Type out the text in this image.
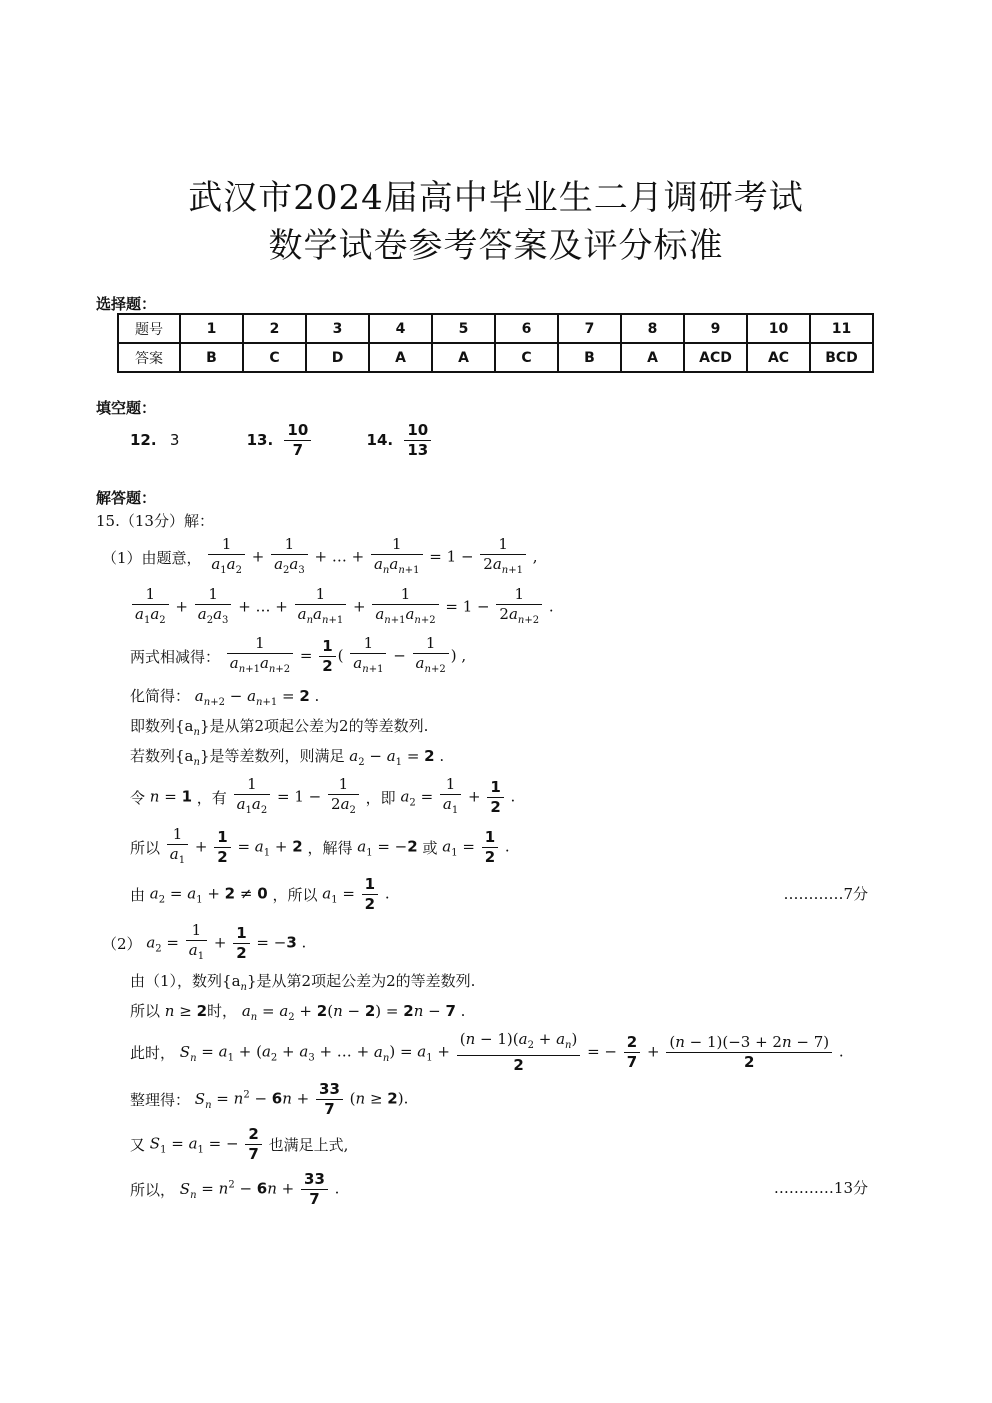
武汉市2024届高中毕业生二月调研考试
数学试卷参考答案及评分标准
选择题：
题号	1	2	3	4	5	6	7	8	9	10	11
答案	B	C	D	A	A	C	B	A	ACD	AC	BCD
填空题：
12. 3	13. $\frac{10}{7}$	14. $\frac{10}{13}$
解答题：
15.（13分）解：
（1）由题意， $\frac{1}{a_1a_2} + \frac{1}{a_2a_3}$ + … + $\frac{1}{a_na_{n+1}} = 1 - \frac{1}{2a_{n+1}}$ ,
$\frac{1}{a_1a_2} + \frac{1}{a_2a_3}$ + … + $\frac{1}{a_na_{n+1}} + \frac{1}{a_{n+1}a_{n+2}} = 1 - \frac{1}{2a_{n+2}}$ .
两式相减得： $\frac{1}{a_{n+1}a_{n+2}} = \frac{1}{2}$ ( $\frac{1}{a_{n+1}} - \frac{1}{a_{n+2}}$ ) ,
化简得： $a_{n+2} - a_{n+1} = 2$ .
即数列$\{a_n\}$是从第2项起公差为2的等差数列.
若数列$\{a_n\}$是等差数列，则满足 $a_2 - a_1 = 2$ .
令 n = 1 ，有 $\frac{1}{a_1a_2} = 1 - \frac{1}{2a_2}$ ，即 $a_2 = \frac{1}{a_1} + \frac{1}{2}$ .
所以 $\frac{1}{a_1} + \frac{1}{2} = a_1 + 2$ ，解得 $a_1 = -2$ 或 $a_1 = \frac{1}{2}$ .
由 $a_2 = a_1 + 2 \ne 0$ ，所以 $a_1 = \frac{1}{2}$ .	…………7分
（2） $a_2 = \frac{1}{a_1} + \frac{1}{2} = -3$ .
由（1），数列$\{a_n\}$是从第2项起公差为2的等差数列.
所以 n ≥ 2时， $a_n = a_2 + 2(n - 2) = 2n - 7$ .
此时， $S_n = a_1 + (a_2 + a_3$ + … + $a_n) = a_1 + \frac{(n - 1)(a_2 + a_n)}{2}$ = − $\frac{2}{7} + \frac{(n - 1)(-3 + 2n - 7)}{2}$ .
整理得： $S_n = n^2 - 6n + \frac{33}{7} (n \ge 2)$.
又 $S_1 = a_1$ = − $\frac{2}{7}$ 也满足上式,
所以， $S_n = n^2 - 6n + \frac{33}{7}$ .	…………13分
